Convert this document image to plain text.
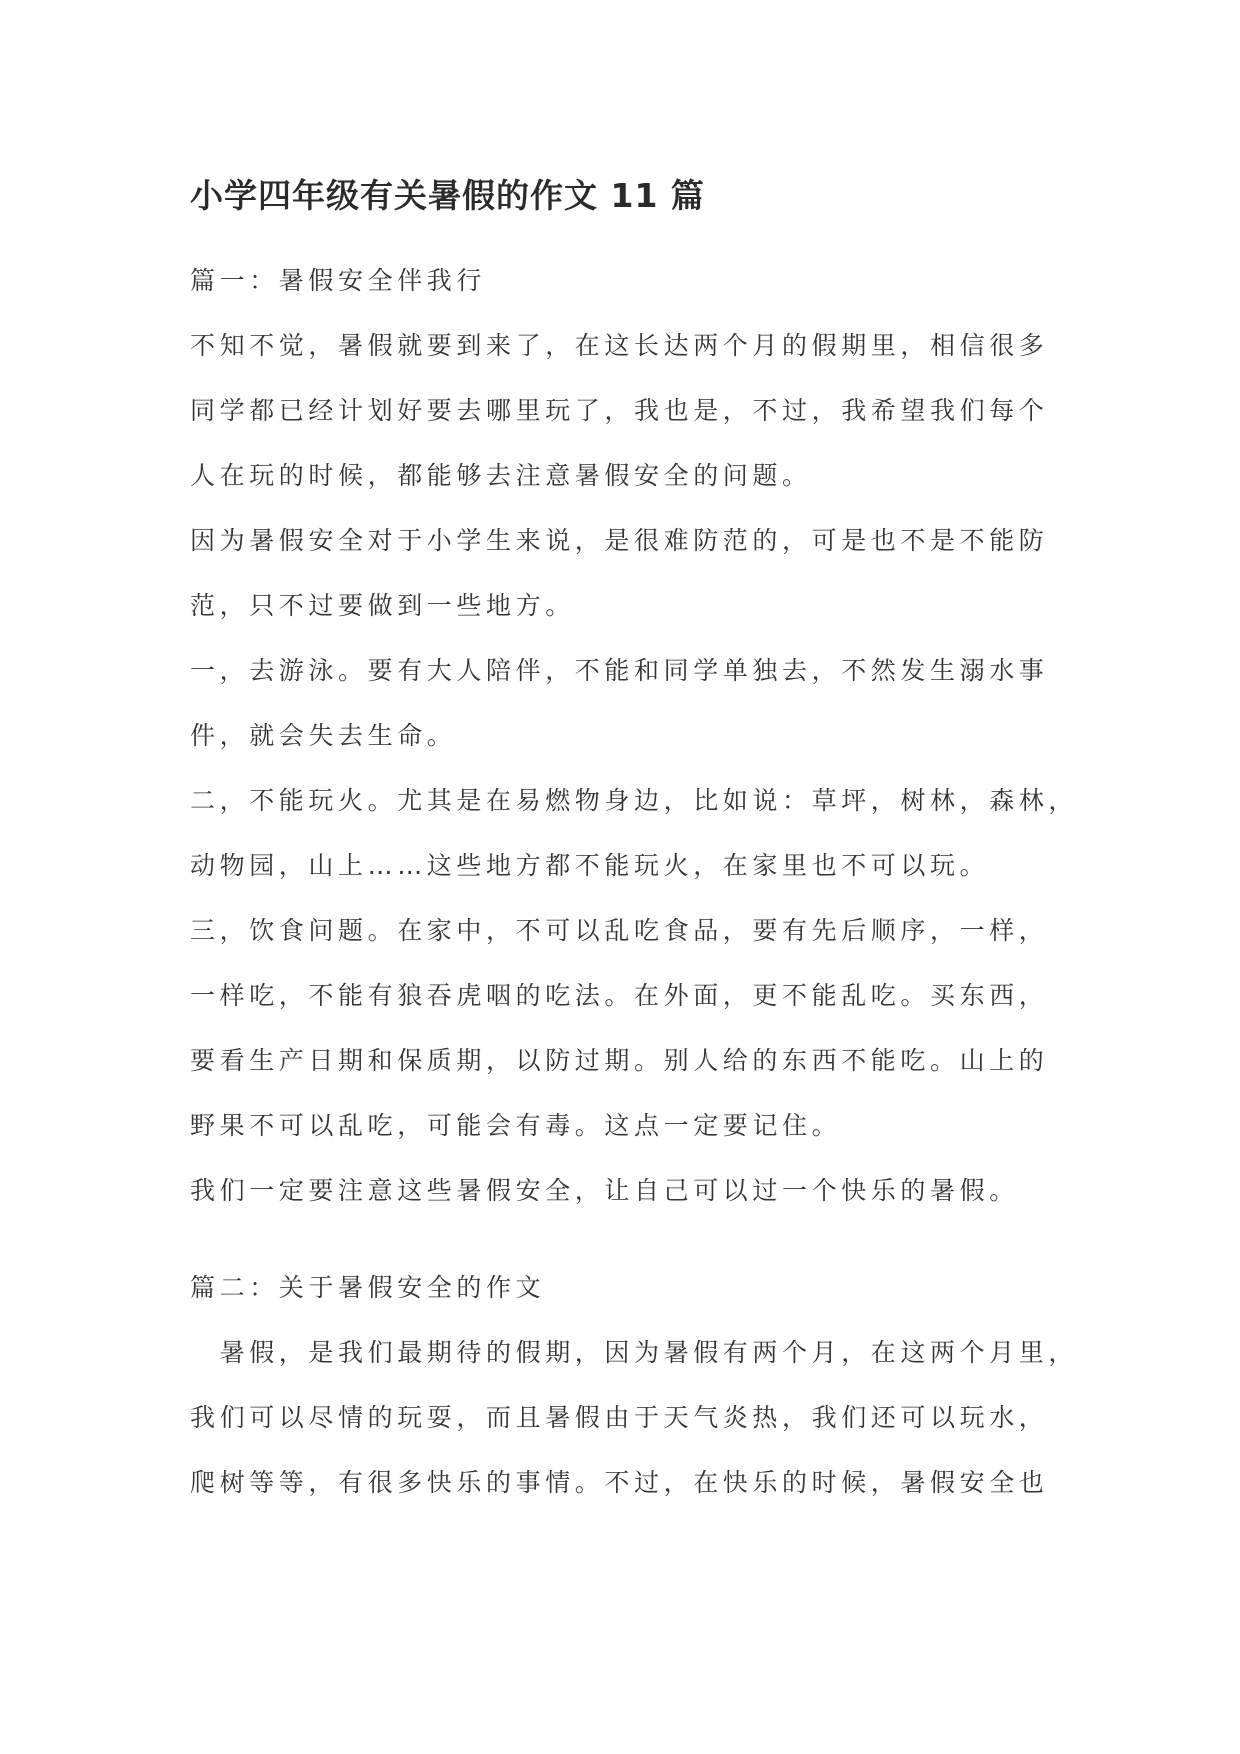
小学四年级有关暑假的作文 11 篇
篇一：暑假安全伴我行
不知不觉，暑假就要到来了，在这长达两个月的假期里，相信很多
同学都已经计划好要去哪里玩了，我也是，不过，我希望我们每个
人在玩的时候，都能够去注意暑假安全的问题。
因为暑假安全对于小学生来说，是很难防范的，可是也不是不能防
范，只不过要做到一些地方。
一，去游泳。要有大人陪伴，不能和同学单独去，不然发生溺水事
件，就会失去生命。
二，不能玩火。尤其是在易燃物身边，比如说：草坪，树林，森林，
动物园，山上……这些地方都不能玩火，在家里也不可以玩。
三，饮食问题。在家中，不可以乱吃食品，要有先后顺序，一样，
一样吃，不能有狼吞虎咽的吃法。在外面，更不能乱吃。买东西，
要看生产日期和保质期，以防过期。别人给的东西不能吃。山上的
野果不可以乱吃，可能会有毒。这点一定要记住。
我们一定要注意这些暑假安全，让自己可以过一个快乐的暑假。
篇二：关于暑假安全的作文
　暑假，是我们最期待的假期，因为暑假有两个月，在这两个月里，
我们可以尽情的玩耍，而且暑假由于天气炎热，我们还可以玩水，
爬树等等，有很多快乐的事情。不过，在快乐的时候，暑假安全也
